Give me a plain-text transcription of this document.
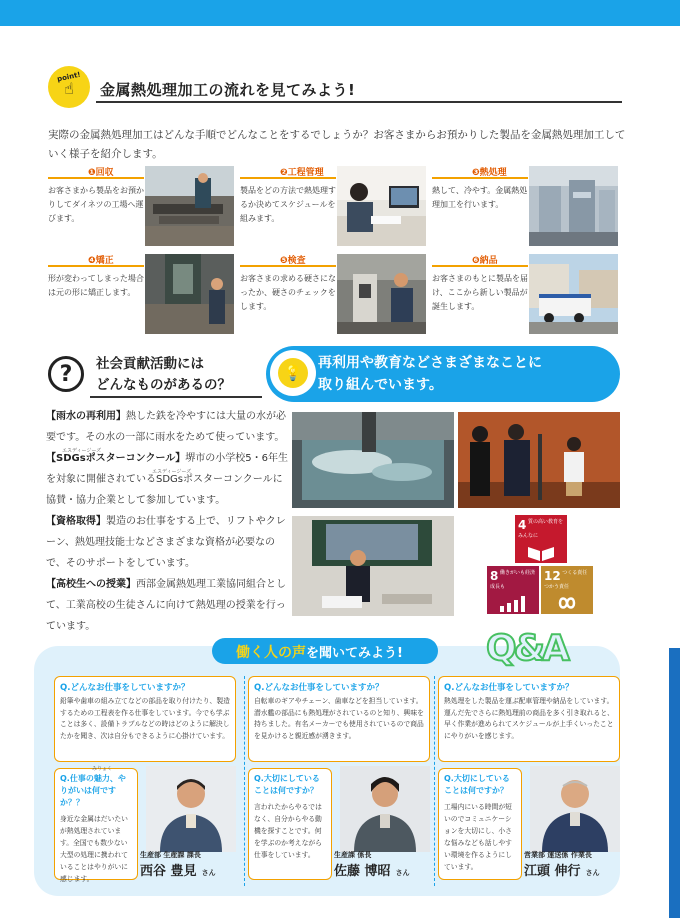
point!
☝ 金属熱処理加工の流れを見てみよう!
実際の金属熱処理加工はどんな手順でどんなことをするでしょうか？お客さまからお預かりした製品を金属熱処理加工していく様子を紹介します。
❶回収
お客さまから製品をお預かりしてダイネツの工場へ運びます。
❷工程管理
製品をどの方法で熱処理するか決めてスケジュールを組みます。
❸熱処理
熱して、冷やす。金属熱処理加工を行います。
❹矯正
形が変わってしまった場合は元の形に矯正します。
❺検査
お客さまの求める硬さになったか、硬さのチェックをします。
❻納品
お客さまのもとに製品を届け、ここから新しい製品が誕生します。
?	社会貢献活動には
どんなものがあるの？
💡
再利用や教育などさまざまなことに
取り組んでいます。

【雨水の再利用】熱した鉄を冷やすには大量の水が必要です。その水の一部に雨水をためて使っています。

【SDGsポスターコンクール】堺市の小学校5・6年生を対象に開催されているSDGsポスターコンクールに協賛・協力企業として参加しています。

【資格取得】製造のお仕事をする上で、リフトやクレーン、熱処理技能士などさまざまな資格が必要なので、そのサポートをしています。

【高校生への授業】西部金属熱処理工業協同組合として、工業高校の生徒さんに向けて熱処理の授業を行っています。

エスディージーズ
エスディージーズ
4 質の高い教育をみんなに
8 働きがいも経済成長も
12 つくる責任つかう責任
働く人の声を聞いてみよう! Q&A
Q.どんなお仕事をしていますか？
鉛筆や歯車の組み立てなどの部品を取り付けたり、製造するための工程表を作る仕事をしています。今でも学ぶことは多く、設備トラブルなどの時はどのように解決したかを聞き、次は自分もできるように心掛けています。
Q.仕事の魅力、やりがいは何ですか？？
身近な金属はだいたいが熱処理されています。全国でも数少ない大型の処理に携われていることはやりがいに感じます。
みりょく
生産部 生産課 課長
西谷 豊見 さん
Q.どんなお仕事をしていますか？
自転車のギアやチェーン、歯車などを担当しています。潜水艦の部品にも熱処理がされているのと知り、興味を持ちました。有名メーカーでも使用されているので商品を見かけると親近感が湧きます。
Q.大切にしていることは何ですか？
言われたからやるではなく、自分からやる動機を探すことです。何を学ぶのか考えながら仕事をしています。	生産課 係長
佐藤 博昭 さん
Q.どんなお仕事をしていますか？
熱処理をした製品を運ぶ配車管理や納品をしています。運んだ先でさらに熱処理前の商品を多く引き取れると、早く作業が進められてスケジュールが上手くいったことにやりがいを感じます。
Q.大切にしていることは何ですか？
工場内にいる時間が短いのでコミュニケーションを大切にし、小さな悩みなども話しやすい環境を作るようにしています。
営業部 運送係 作業長
江頭 伸行 さん
